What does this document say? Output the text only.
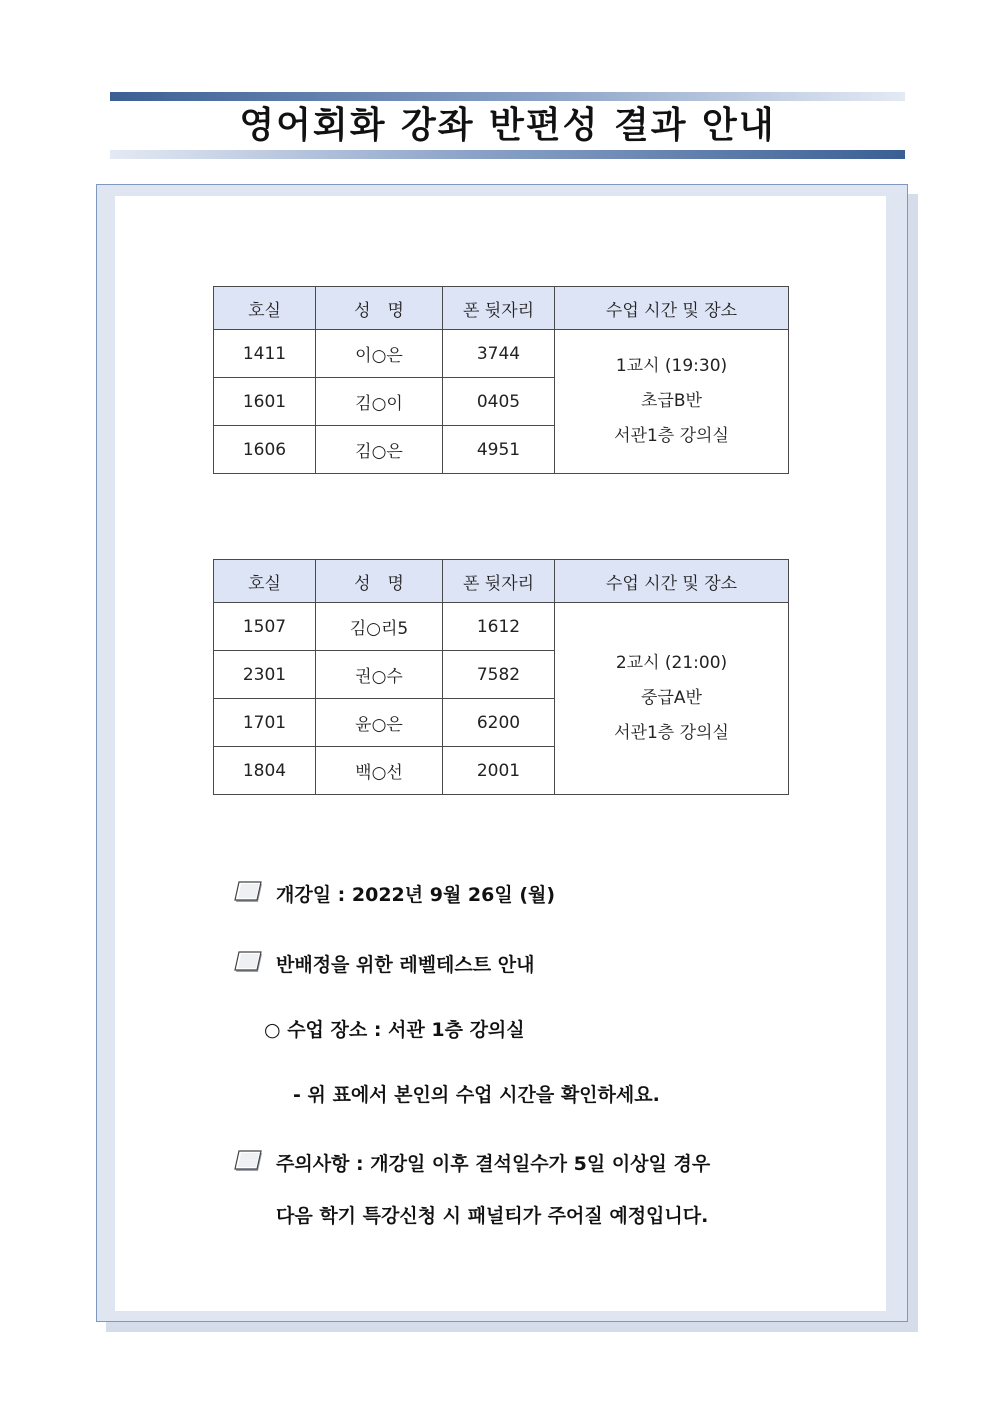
영어회화 강좌 반편성 결과 안내
호실	성　명	폰 뒷자리	수업 시간 및 장소
1411	이○은	3744	1교시 (19:30)
초급B반
서관1층 강의실

1601	김○이	0405	
1606	김○은	4951	
호실	성　명	폰 뒷자리	수업 시간 및 장소
1507	김○리5	1612	2교시 (21:00)
중급A반
서관1층 강의실

2301	권○수	7582	
1701	윤○은	6200	
1804	백○선	2001	
개강일 : 2022년 9월 26일 (월)
반배정을 위한 레벨테스트 안내
○ 수업 장소 : 서관 1층 강의실
- 위 표에서 본인의 수업 시간을 확인하세요.
주의사항 : 개강일 이후 결석일수가 5일 이상일 경우
다음 학기 특강신청 시 패널티가 주어질 예정입니다.
